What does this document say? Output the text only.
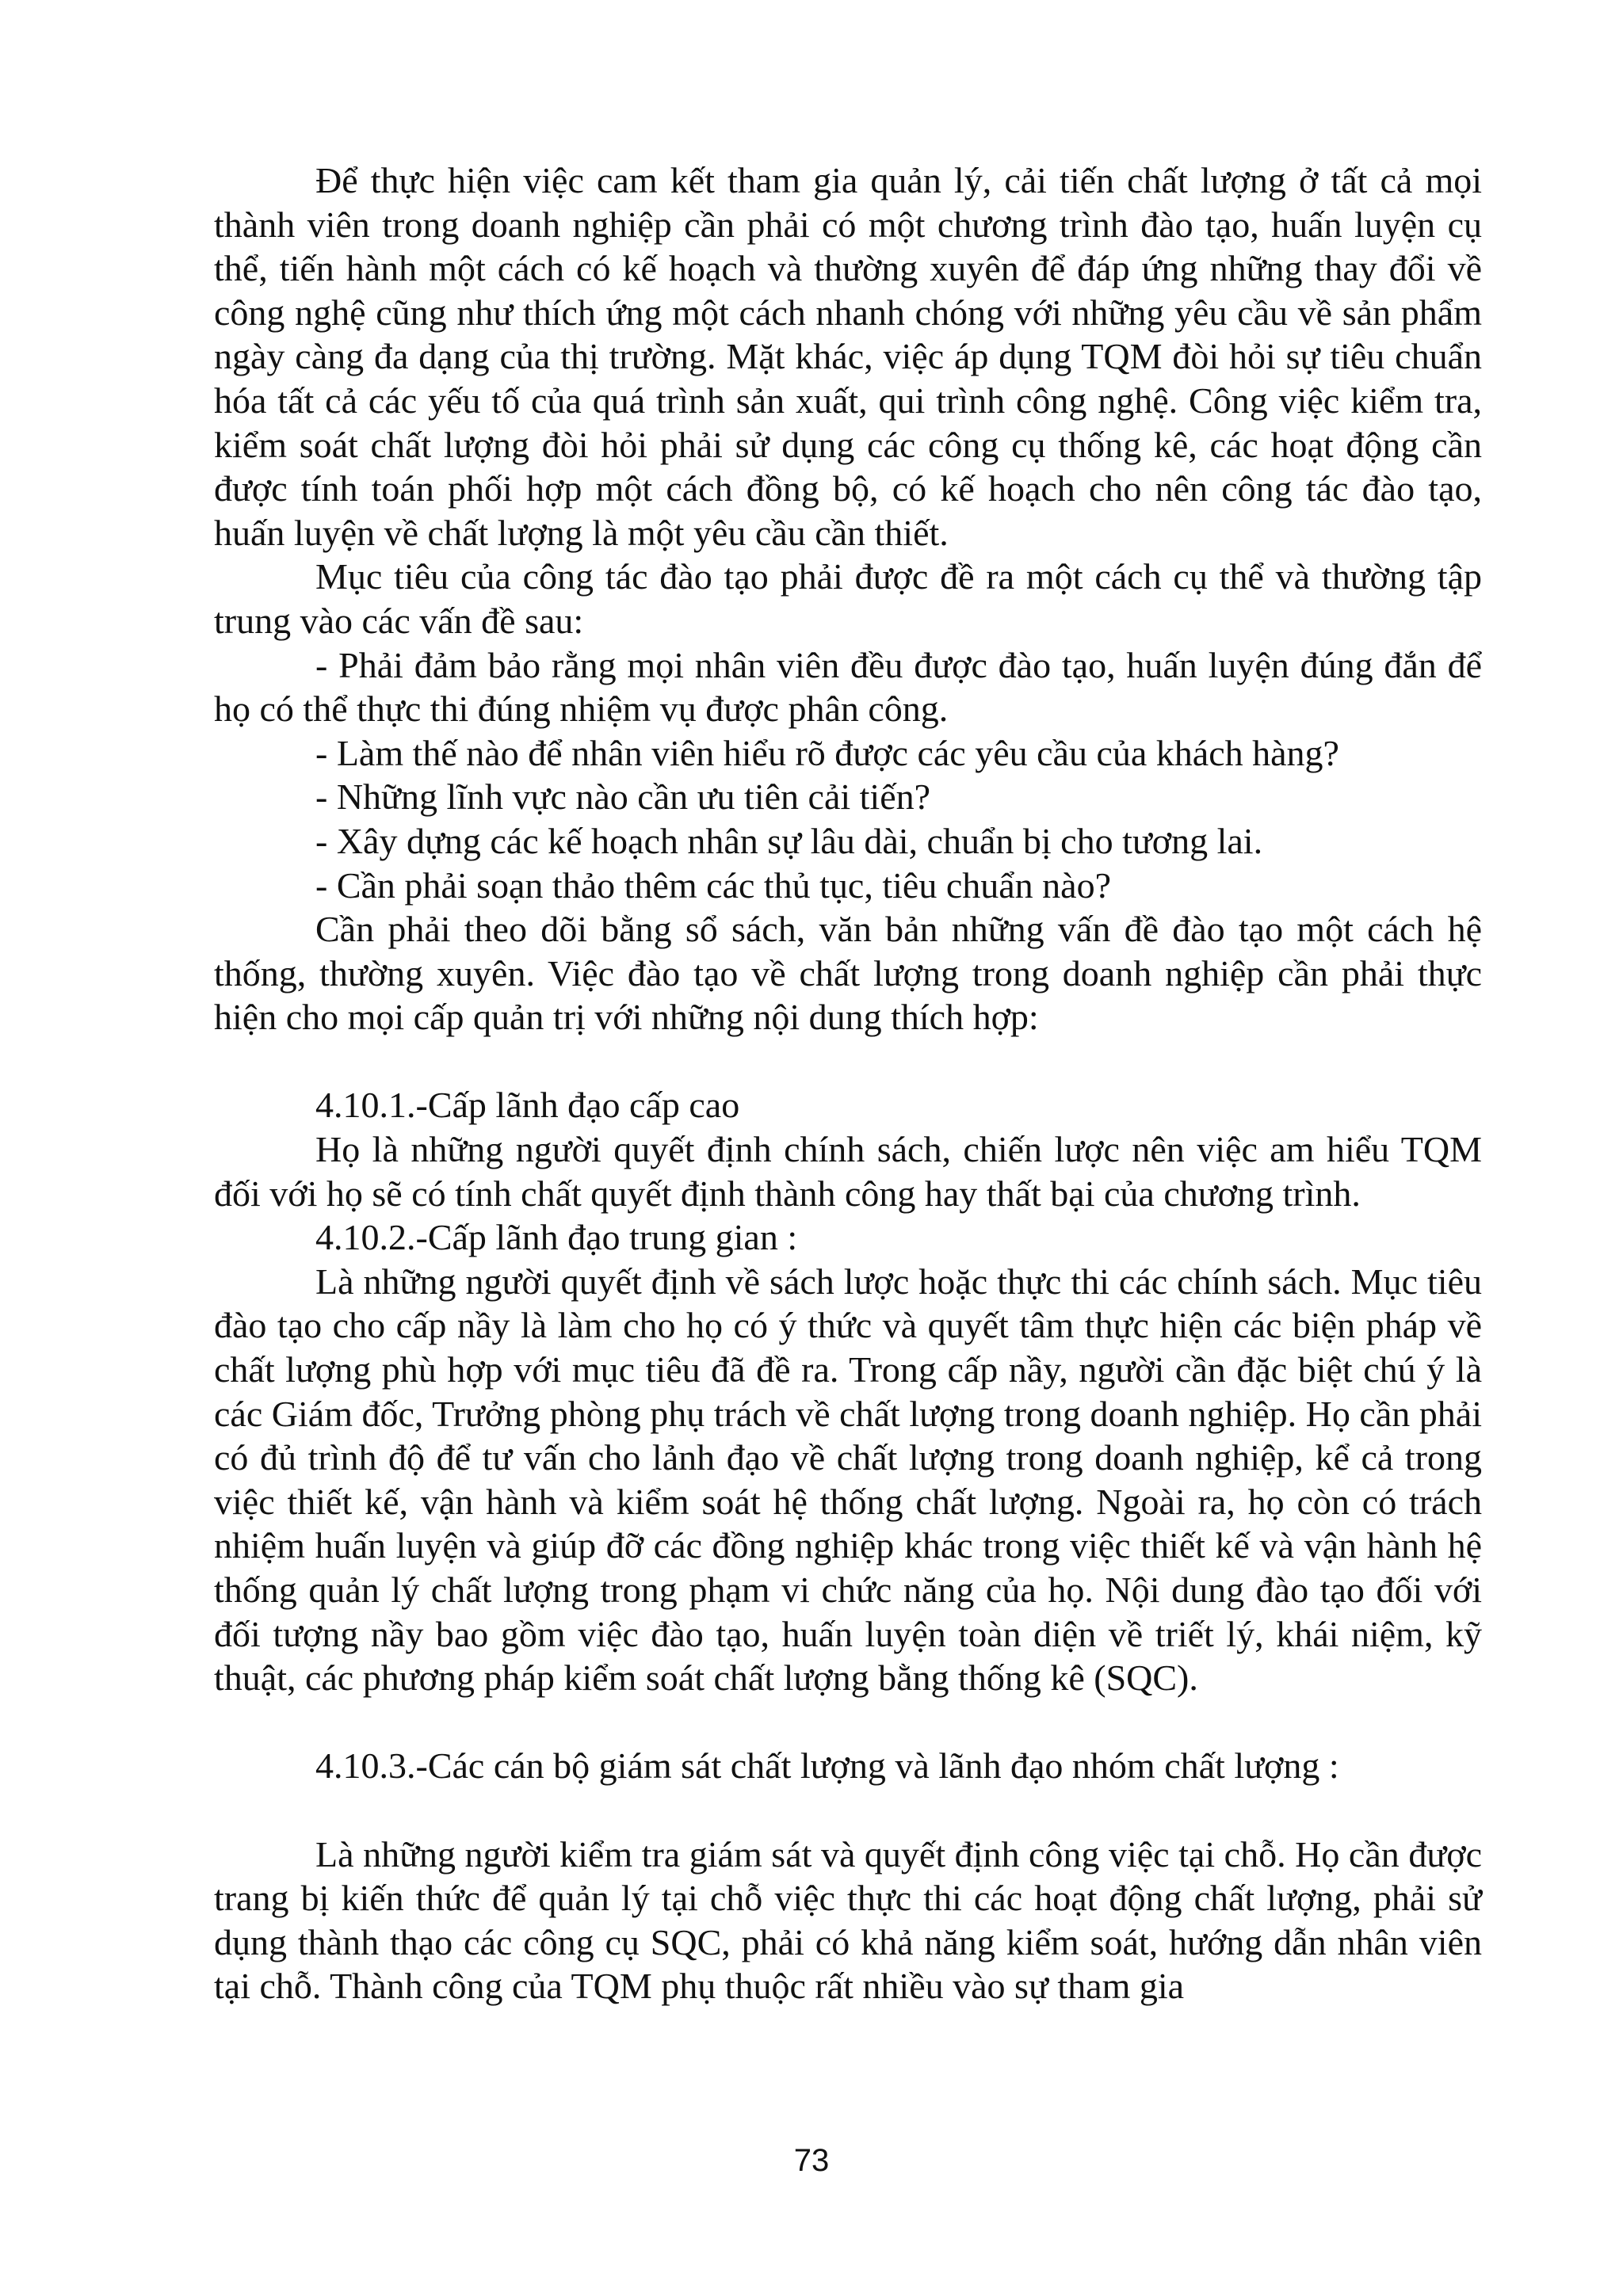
Để thực hiện việc cam kết tham gia quản lý, cải tiến chất lượng ở tất cả mọi thành viên trong doanh nghiệp cần phải có một chương trình đào tạo, huấn luyện cụ thể, tiến hành một cách có kế hoạch và thường xuyên để đáp ứng những thay đổi về công nghệ cũng như thích ứng một cách nhanh chóng với những yêu cầu về sản phẩm ngày càng đa dạng của thị trường. Mặt khác, việc áp dụng TQM đòi hỏi sự tiêu chuẩn hóa tất cả các yếu tố của quá trình sản xuất, qui trình công nghệ. Công việc kiểm tra, kiểm soát chất lượng đòi hỏi phải sử dụng các công cụ thống kê, các hoạt động cần được tính toán phối hợp một cách đồng bộ, có kế hoạch cho nên công tác đào tạo, huấn luyện về chất lượng là một yêu cầu cần thiết.

Mục tiêu của công tác đào tạo phải được đề ra một cách cụ thể và thường tập trung vào các vấn đề sau:

- Phải đảm bảo rằng mọi nhân viên đều được đào tạo, huấn luyện đúng đắn để họ có thể thực thi đúng nhiệm vụ được phân công.
- Làm thế nào để nhân viên hiểu rõ được các yêu cầu của khách hàng?
- Những lĩnh vực nào cần ưu tiên cải tiến?
- Xây dựng các kế hoạch nhân sự lâu dài, chuẩn bị cho tương lai.
- Cần phải soạn thảo thêm các thủ tục, tiêu chuẩn nào?

Cần phải theo dõi bằng sổ sách, văn bản những vấn đề đào tạo một cách hệ thống, thường xuyên. Việc đào tạo về chất lượng trong doanh nghiệp cần phải thực hiện cho mọi cấp quản trị với những nội dung thích hợp:

4.10.1.-Cấp lãnh đạo cấp cao

Họ là những người quyết định chính sách, chiến lược nên việc am hiểu TQM đối với họ sẽ có tính chất quyết định thành công hay thất bại của chương trình.

4.10.2.-Cấp lãnh đạo trung gian :

Là những người quyết định về sách lược hoặc thực thi các chính sách. Mục tiêu đào tạo cho cấp nầy là làm cho họ có ý thức và quyết tâm thực hiện các biện pháp về chất lượng phù hợp với mục tiêu đã đề ra. Trong cấp nầy, người cần đặc biệt chú ý là các Giám đốc, Trưởng phòng phụ trách về chất lượng trong doanh nghiệp. Họ cần phải có đủ trình độ để tư vấn cho lảnh đạo về chất lượng trong doanh nghiệp, kể cả trong việc thiết kế, vận hành và kiểm soát hệ thống chất lượng. Ngoài ra, họ còn có trách nhiệm huấn luyện và giúp đỡ các đồng nghiệp khác trong việc thiết kế và vận hành hệ thống quản lý chất lượng trong phạm vi chức năng của họ. Nội dung đào tạo đối với đối tượng nầy bao gồm việc đào tạo, huấn luyện toàn diện về triết lý, khái niệm, kỹ thuật, các phương pháp kiểm soát chất lượng bằng thống kê (SQC).

4.10.3.-Các cán bộ giám sát chất lượng và lãnh đạo nhóm chất lượng :

Là những người kiểm tra giám sát và quyết định công việc tại chỗ. Họ cần được trang bị kiến thức để quản lý tại chỗ việc thực thi các hoạt động chất lượng, phải sử dụng thành thạo các công cụ SQC, phải có khả năng kiểm soát, hướng dẫn nhân viên tại chỗ. Thành công của TQM phụ thuộc rất nhiều vào sự tham gia

73
